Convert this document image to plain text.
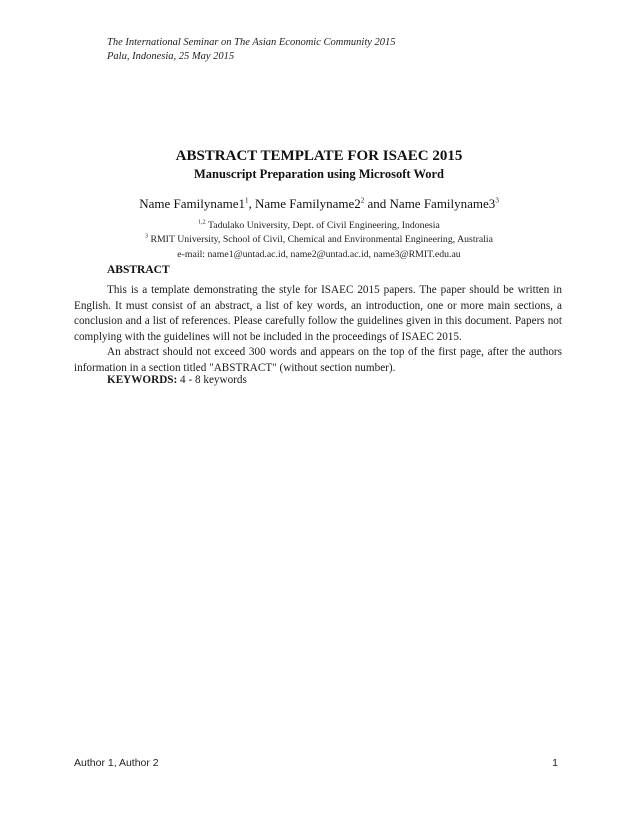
The International Seminar on The Asian Economic Community 2015
Palu, Indonesia, 25 May 2015
ABSTRACT TEMPLATE FOR ISAEC 2015
Manuscript Preparation using Microsoft Word
Name $Familyname1^1$, Name $Familyname2^2$ and Name $Familyname3^3$
$^{1,2}$ Tadulako University, Dept. of Civil Engineering, Indonesia
$^3$ RMIT University, School of Civil, Chemical and Environmental Engineering, Australia
e-mail: name1@untad.ac.id, name2@untad.ac.id, name3@RMIT.edu.au
ABSTRACT

This is a template demonstrating the style for ISAEC 2015 papers. The paper should be written in English. It must consist of an abstract, a list of key words, an introduction, one or more main sections, a conclusion and a list of references. Please carefully follow the guidelines given in this document. Papers not complying with the guidelines will not be included in the proceedings of ISAEC 2015.

An abstract should not exceed 300 words and appears on the top of the first page, after the authors information in a section titled "ABSTRACT" (without section number).

KEYWORDS: 4 - 8 keywords
Author 1, Author 2	1
